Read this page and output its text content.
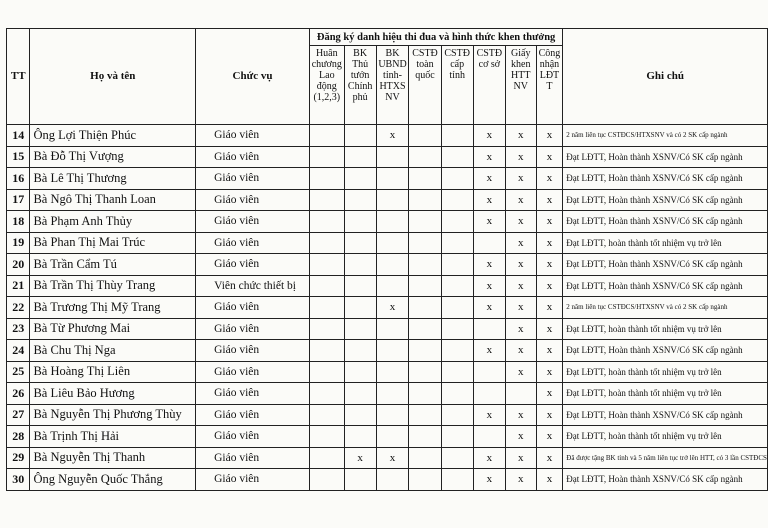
TT	Họ và tên	Chức vụ	Đăng ký danh hiệu thi đua và hình thức khen thưởng								Ghi chú
			Huân chương Lao động (1,2,3)	BK Thủ tướn Chính phủ	BK UBND tỉnh-HTXS NV	CSTĐ toàn quốc	CSTĐ cấp tỉnh	CSTĐ cơ sở	Giấy khen HTT NV	Công nhận LĐT T	
14	Ông Lợi Thiện Phúc	Giáo viên			x			x	x	x	2 năm liên tục CSTĐCS/HTXSNV và có 2 SK cấp ngành
15	Bà Đỗ Thị Vượng	Giáo viên						x	x	x	Đạt LĐTT, Hoàn thành XSNV/Có SK cấp ngành
16	Bà Lê Thị Thương	Giáo viên						x	x	x	Đạt LĐTT, Hoàn thành XSNV/Có SK cấp ngành
17	Bà Ngô Thị Thanh Loan	Giáo viên						x	x	x	Đạt LĐTT, Hoàn thành XSNV/Có SK cấp ngành
18	Bà Phạm Anh Thủy	Giáo viên						x	x	x	Đạt LĐTT, Hoàn thành XSNV/Có SK cấp ngành
19	Bà Phan Thị Mai Trúc	Giáo viên							x	x	Đạt LĐTT, hoàn thành tốt nhiệm vụ trở lên
20	Bà Trần Cẩm Tú	Giáo viên						x	x	x	Đạt LĐTT, Hoàn thành XSNV/Có SK cấp ngành
21	Bà Trần Thị Thùy Trang	Viên chức thiết bị						x	x	x	Đạt LĐTT, Hoàn thành XSNV/Có SK cấp ngành
22	Bà Trương Thị Mỹ Trang	Giáo viên			x			x	x	x	2 năm liên tục CSTĐCS/HTXSNV và có 2 SK cấp ngành
23	Bà Từ Phương Mai	Giáo viên							x	x	Đạt LĐTT, hoàn thành tốt nhiệm vụ trở lên
24	Bà Chu Thị Nga	Giáo viên						x	x	x	Đạt LĐTT, Hoàn thành XSNV/Có SK cấp ngành
25	Bà Hoàng Thị Liên	Giáo viên							x	x	Đạt LĐTT, hoàn thành tốt nhiệm vụ trở lên
26	Bà Liêu Bảo Hương	Giáo viên								x	Đạt LĐTT, hoàn thành tốt nhiệm vụ trở lên
27	Bà Nguyễn Thị Phương Thùy	Giáo viên						x	x	x	Đạt LĐTT, Hoàn thành XSNV/Có SK cấp ngành
28	Bà Trịnh Thị Hải	Giáo viên							x	x	Đạt LĐTT, hoàn thành tốt nhiệm vụ trở lên
29	Bà Nguyễn Thị Thanh	Giáo viên		x	x			x	x	x	Đã được tặng BK tỉnh và 5 năm liên tục trở lên HTT, có 3 lần CSTĐCS
30	Ông Nguyễn Quốc Thắng	Giáo viên						x	x	x	Đạt LĐTT, Hoàn thành XSNV/Có SK cấp ngành
